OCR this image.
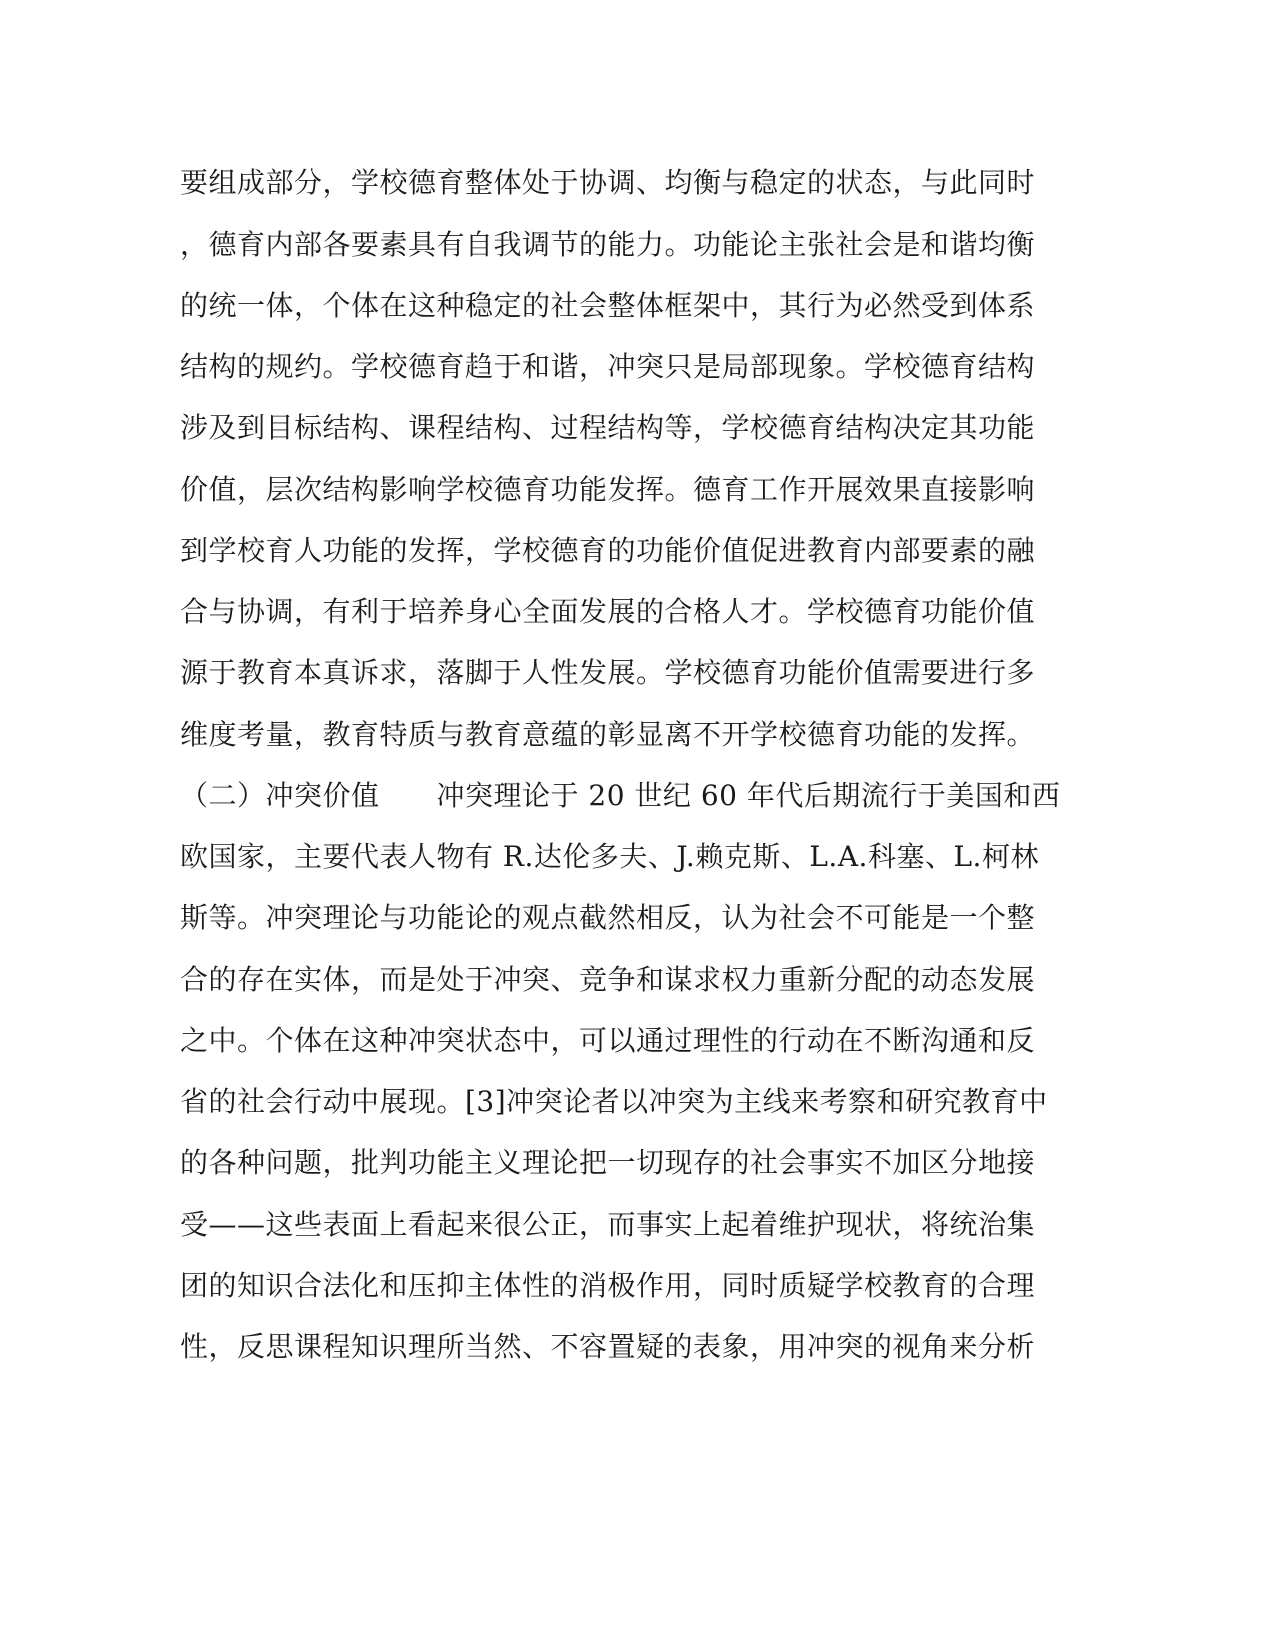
要组成部分，学校德育整体处于协调、均衡与稳定的状态，与此同时
，德育内部各要素具有自我调节的能力。功能论主张社会是和谐均衡
的统一体，个体在这种稳定的社会整体框架中，其行为必然受到体系
结构的规约。学校德育趋于和谐，冲突只是局部现象。学校德育结构
涉及到目标结构、课程结构、过程结构等，学校德育结构决定其功能
价值，层次结构影响学校德育功能发挥。德育工作开展效果直接影响
到学校育人功能的发挥，学校德育的功能价值促进教育内部要素的融
合与协调，有利于培养身心全面发展的合格人才。学校德育功能价值
源于教育本真诉求，落脚于人性发展。学校德育功能价值需要进行多
维度考量，教育特质与教育意蕴的彰显离不开学校德育功能的发挥。
（二）冲突价值　　冲突理论于 20 世纪 60 年代后期流行于美国和西
欧国家，主要代表人物有 R.达伦多夫、J.赖克斯、L.A.科塞、L.柯林
斯等。冲突理论与功能论的观点截然相反，认为社会不可能是一个整
合的存在实体，而是处于冲突、竞争和谋求权力重新分配的动态发展
之中。个体在这种冲突状态中，可以通过理性的行动在不断沟通和反
省的社会行动中展现。[3]冲突论者以冲突为主线来考察和研究教育中
的各种问题，批判功能主义理论把一切现存的社会事实不加区分地接
受——这些表面上看起来很公正，而事实上起着维护现状，将统治集
团的知识合法化和压抑主体性的消极作用，同时质疑学校教育的合理
性，反思课程知识理所当然、不容置疑的表象，用冲突的视角来分析
